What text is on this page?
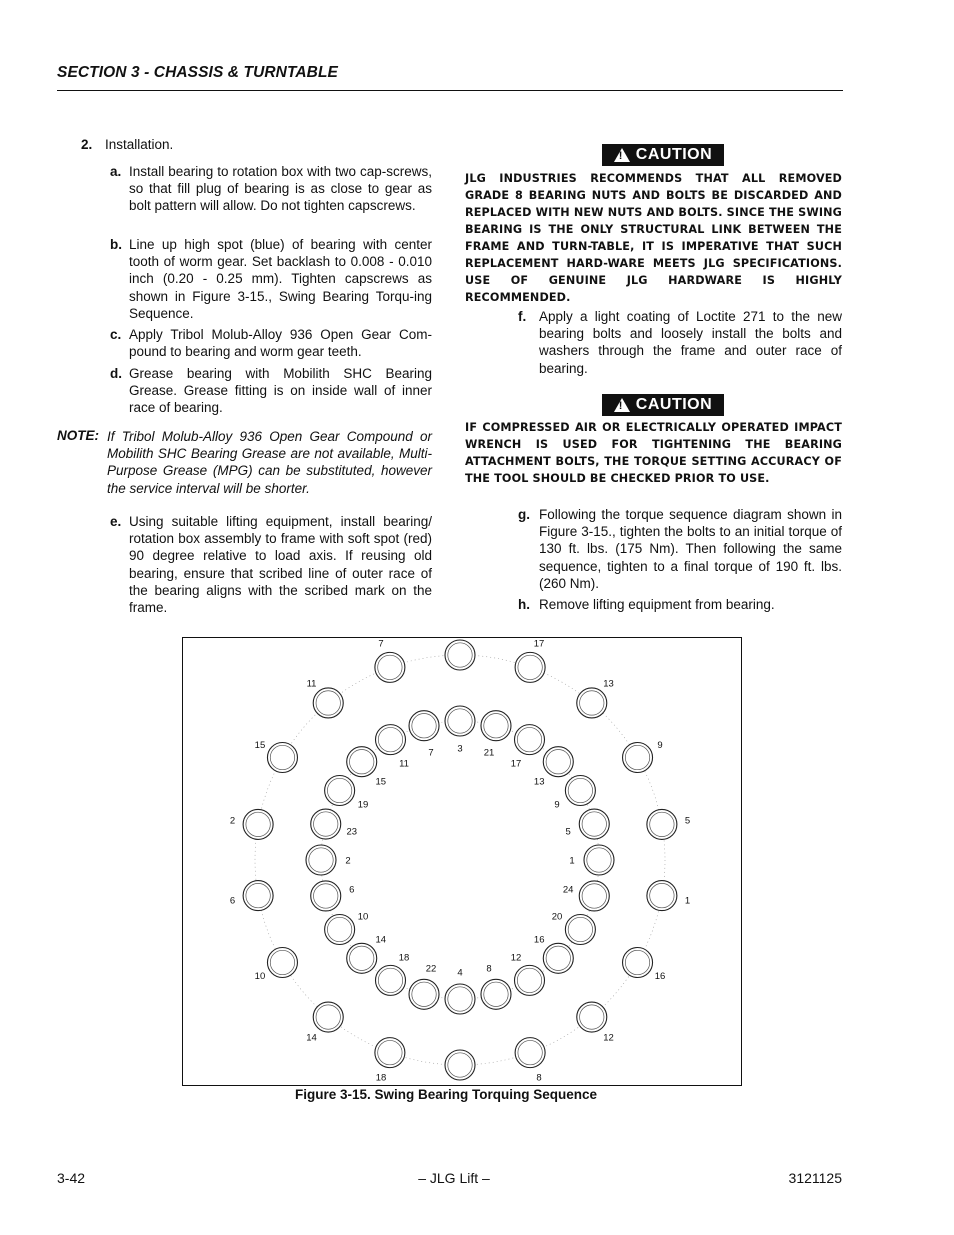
SECTION 3 - CHASSIS & TURNTABLE
2. Installation.
a. Install bearing to rotation box with two cap-screws, so that fill plug of bearing is as close to gear as bolt pattern will allow. Do not tighten capscrews.
b. Line up high spot (blue) of bearing with center tooth of worm gear. Set backlash to 0.008 - 0.010 inch (0.20 - 0.25 mm). Tighten capscrews as shown in Figure 3-15., Swing Bearing Torqu-ing Sequence.
c. Apply Tribol Molub-Alloy 936 Open Gear Com-pound to bearing and worm gear teeth.
d. Grease bearing with Mobilith SHC Bearing Grease. Grease fitting is on inside wall of inner race of bearing.
NOTE: If Tribol Molub-Alloy 936 Open Gear Compound or Mobilith SHC Bearing Grease are not available, Multi-Purpose Grease (MPG) can be substituted, however the service interval will be shorter.
e. Using suitable lifting equipment, install bearing/ rotation box assembly to frame with soft spot (red) 90 degree relative to load axis. If reusing old bearing, ensure that scribed line of outer race of the bearing aligns with the scribed mark on the frame.
! CAUTION
JLG INDUSTRIES RECOMMENDS THAT ALL REMOVED GRADE 8 BEARING NUTS AND BOLTS BE DISCARDED AND REPLACED WITH NEW NUTS AND BOLTS. SINCE THE SWING BEARING IS THE ONLY STRUCTURAL LINK BETWEEN THE FRAME AND TURN-TABLE, IT IS IMPERATIVE THAT SUCH REPLACEMENT HARD-WARE MEETS JLG SPECIFICATIONS. USE OF GENUINE JLG HARDWARE IS HIGHLY RECOMMENDED.
f. Apply a light coating of Loctite 271 to the new bearing bolts and loosely install the bolts and washers through the frame and outer race of bearing.
! CAUTION
IF COMPRESSED AIR OR ELECTRICALLY OPERATED IMPACT WRENCH IS USED FOR TIGHTENING THE BEARING ATTACHMENT BOLTS, THE TORQUE SETTING ACCURACY OF THE TOOL SHOULD BE CHECKED PRIOR TO USE.
g. Following the torque sequence diagram shown in Figure 3-15., tighten the bolts to an initial torque of 130 ft. lbs. (175 Nm). Then following the same sequence, tighten to a final torque of 190 ft. lbs. (260 Nm).
h. Remove lifting equipment from bearing.
17
13
9
5
1
16
12
8
18
14
10
6
2
15
11
7
3 21
17
13
9
5
1
24
20
16
12
8
4
22
18
14
10
6
2
23
19
15
11
7
Figure 3-15. Swing Bearing Torquing Sequence
3-42	– JLG Lift –	3121125
